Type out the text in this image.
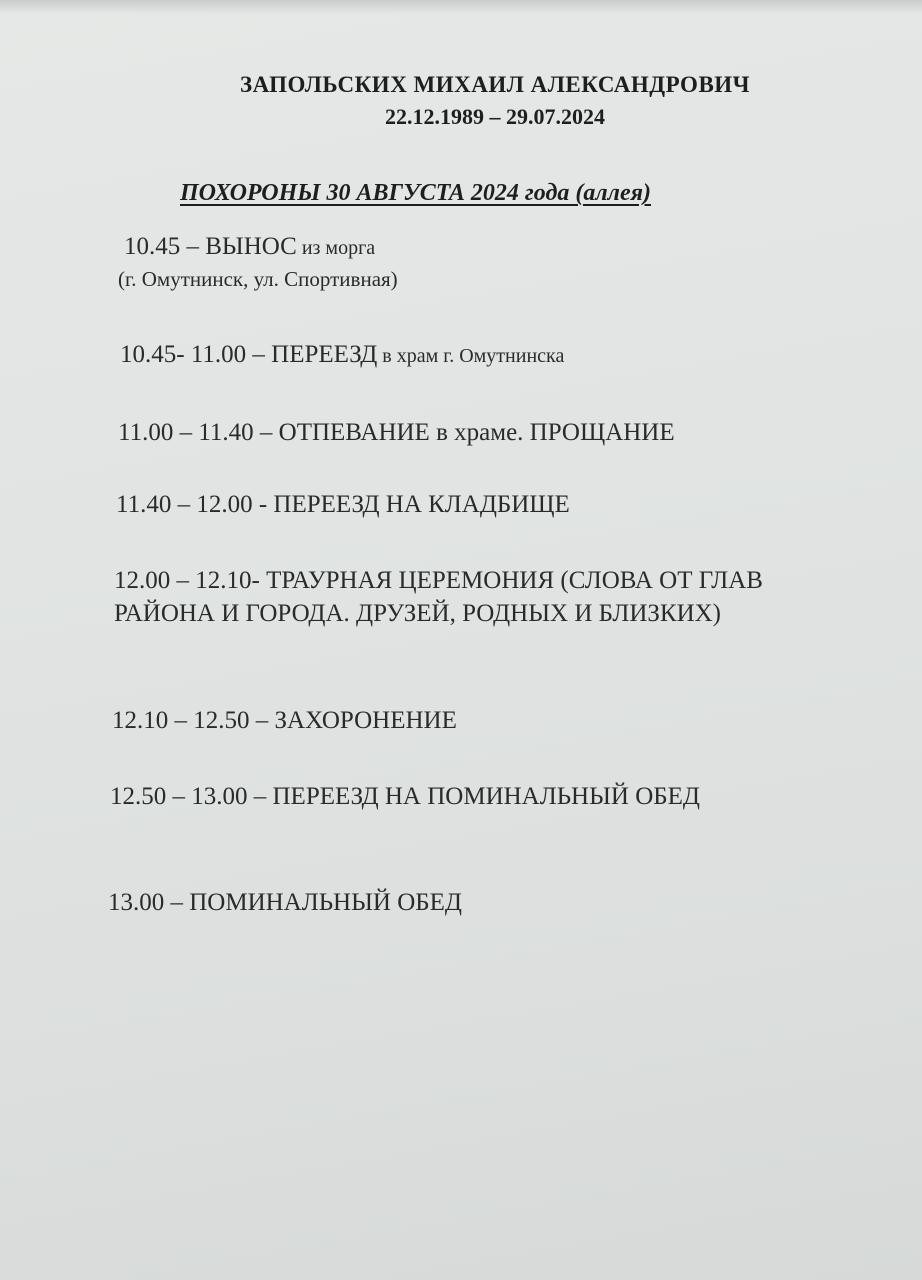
ЗАПОЛЬСКИХ МИХАИЛ АЛЕКСАНДРОВИЧ
22.12.1989 – 29.07.2024
ПОХОРОНЫ 30 АВГУСТА 2024 года (аллея)

10.45 – ВЫНОС из морга
(г. Омутнинск, ул. Спортивная)

10.45- 11.00 – ПЕРЕЕЗД в храм г. Омутнинска

11.00 – 11.40 – ОТПЕВАНИЕ в храме. ПРОЩАНИЕ

11.40 – 12.00 - ПЕРЕЕЗД НА КЛАДБИЩЕ

12.00 – 12.10- ТРАУРНАЯ ЦЕРЕМОНИЯ (СЛОВА ОТ ГЛАВ РАЙОНА И ГОРОДА. ДРУЗЕЙ, РОДНЫХ И БЛИЗКИХ)

12.10 – 12.50 – ЗАХОРОНЕНИЕ

12.50 – 13.00 – ПЕРЕЕЗД НА ПОМИНАЛЬНЫЙ ОБЕД

13.00 – ПОМИНАЛЬНЫЙ ОБЕД
